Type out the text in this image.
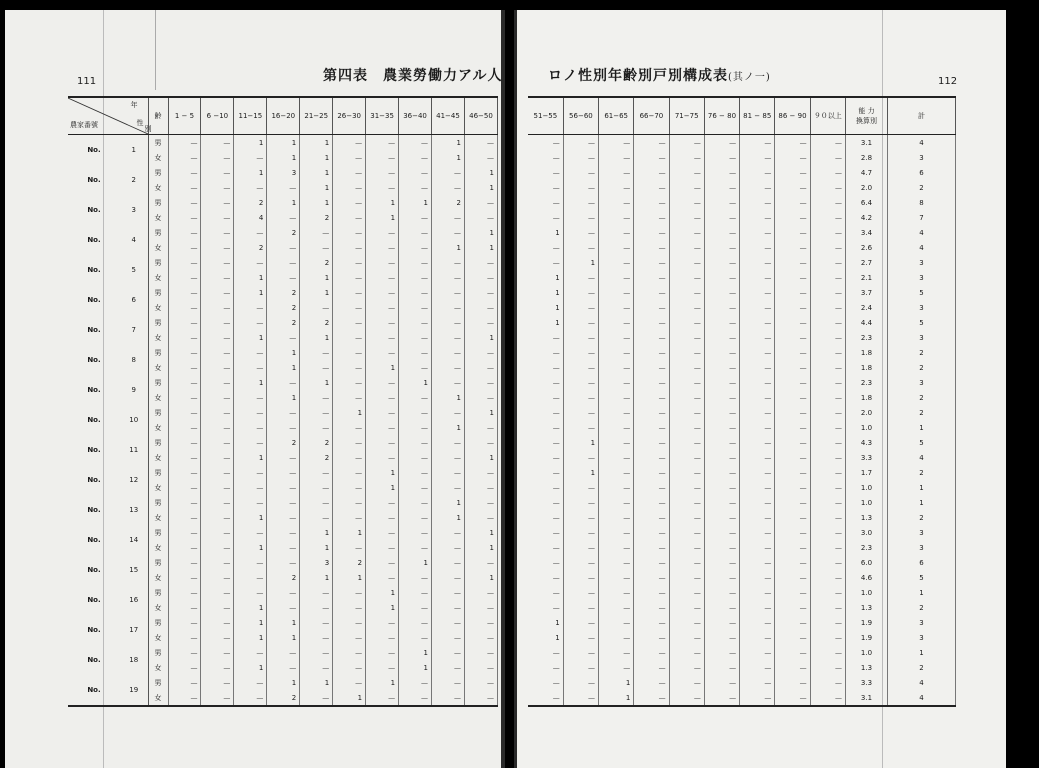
111	第四表　農業勞働力アル人
年
性
別
農家番號		齢	1 − 5	6 −10	11−15	16−20	21−25	26−30	31−35	36−40	41−45	46−50
No.	1	男	—	—	1	1	1	—	—	—	1	—
		女	—	—	—	1	1	—	—	—	1	—
No.	2	男	—	—	1	3	1	—	—	—	—	1
		女	—	—	—	—	1	—	—	—	—	1
No.	3	男	—	—	2	1	1	—	1	1	2	—
		女	—	—	4	—	2	—	1	—	—	—
No.	4	男	—	—	—	2	—	—	—	—	—	1
		女	—	—	2	—	—	—	—	—	1	1
No.	5	男	—	—	—	—	2	—	—	—	—	—
		女	—	—	1	—	1	—	—	—	—	—
No.	6	男	—	—	1	2	1	—	—	—	—	—
		女	—	—	—	2	—	—	—	—	—	—
No.	7	男	—	—	—	2	2	—	—	—	—	—
		女	—	—	1	—	1	—	—	—	—	1
No.	8	男	—	—	—	1	—	—	—	—	—	—
		女	—	—	—	1	—	—	1	—	—	—
No.	9	男	—	—	1	—	1	—	—	1	—	—
		女	—	—	—	1	—	—	—	—	1	—
No.	10	男	—	—	—	—	—	1	—	—	—	1
		女	—	—	—	—	—	—	—	—	1	—
No.	11	男	—	—	—	2	2	—	—	—	—	—
		女	—	—	1	—	2	—	—	—	—	1
No.	12	男	—	—	—	—	—	—	1	—	—	—
		女	—	—	—	—	—	—	1	—	—	—
No.	13	男	—	—	—	—	—	—	—	—	1	—
		女	—	—	1	—	—	—	—	—	1	—
No.	14	男	—	—	—	—	1	1	—	—	—	1
		女	—	—	1	—	1	—	—	—	—	1
No.	15	男	—	—	—	—	3	2	—	1	—	—
		女	—	—	—	2	1	1	—	—	—	1
No.	16	男	—	—	—	—	—	—	1	—	—	—
		女	—	—	1	—	—	—	1	—	—	—
No.	17	男	—	—	1	1	—	—	—	—	—	—
		女	—	—	1	1	—	—	—	—	—	—
No.	18	男	—	—	—	—	—	—	—	1	—	—
		女	—	—	1	—	—	—	—	1	—	—
No.	19	男	—	—	—	1	1	—	1	—	—	—
		女	—	—	—	2	—	1	—	—	—	—
112
ロノ性別年齢別戸別構成表(其ノ一)
51−55	56−60	61−65	66−70	71−75	76 − 80	81 − 85	86 − 90	９０以上	能 力
換算別	計
—	—	—	—	—	—	—	—	—	3.1	4
—	—	—	—	—	—	—	—	—	2.8	3
—	—	—	—	—	—	—	—	—	4.7	6
—	—	—	—	—	—	—	—	—	2.0	2
—	—	—	—	—	—	—	—	—	6.4	8
—	—	—	—	—	—	—	—	—	4.2	7
1	—	—	—	—	—	—	—	—	3.4	4
—	—	—	—	—	—	—	—	—	2.6	4
—	1	—	—	—	—	—	—	—	2.7	3
1	—	—	—	—	—	—	—	—	2.1	3
1	—	—	—	—	—	—	—	—	3.7	5
1	—	—	—	—	—	—	—	—	2.4	3
1	—	—	—	—	—	—	—	—	4.4	5
—	—	—	—	—	—	—	—	—	2.3	3
—	—	—	—	—	—	—	—	—	1.8	2
—	—	—	—	—	—	—	—	—	1.8	2
—	—	—	—	—	—	—	—	—	2.3	3
—	—	—	—	—	—	—	—	—	1.8	2
—	—	—	—	—	—	—	—	—	2.0	2
—	—	—	—	—	—	—	—	—	1.0	1
—	1	—	—	—	—	—	—	—	4.3	5
—	—	—	—	—	—	—	—	—	3.3	4
—	1	—	—	—	—	—	—	—	1.7	2
—	—	—	—	—	—	—	—	—	1.0	1
—	—	—	—	—	—	—	—	—	1.0	1
—	—	—	—	—	—	—	—	—	1.3	2
—	—	—	—	—	—	—	—	—	3.0	3
—	—	—	—	—	—	—	—	—	2.3	3
—	—	—	—	—	—	—	—	—	6.0	6
—	—	—	—	—	—	—	—	—	4.6	5
—	—	—	—	—	—	—	—	—	1.0	1
—	—	—	—	—	—	—	—	—	1.3	2
1	—	—	—	—	—	—	—	—	1.9	3
1	—	—	—	—	—	—	—	—	1.9	3
—	—	—	—	—	—	—	—	—	1.0	1
—	—	—	—	—	—	—	—	—	1.3	2
—	—	1	—	—	—	—	—	—	3.3	4
—	—	1	—	—	—	—	—	—	3.1	4
